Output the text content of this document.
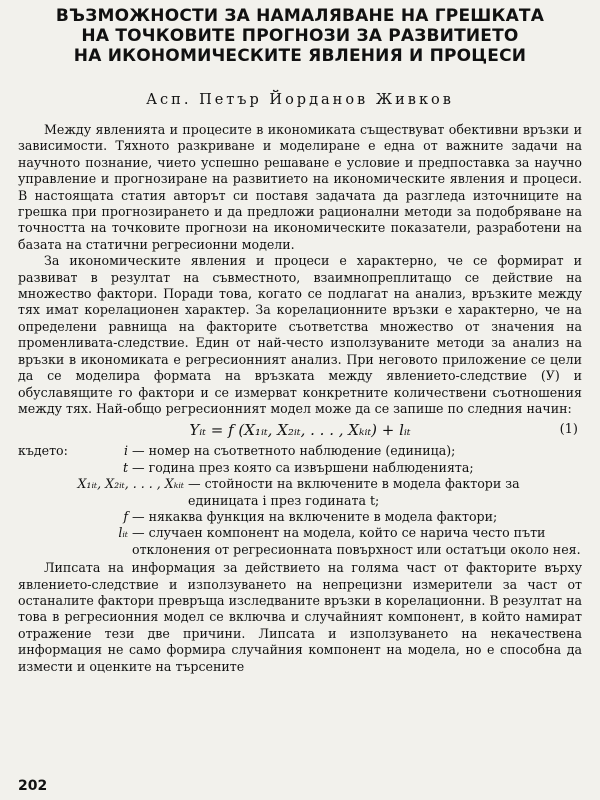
ВЪЗМОЖНОСТИ ЗА НАМАЛЯВАНЕ НА ГРЕШКАТА
НА ТОЧКОВИТЕ ПРОГНОЗИ ЗА РАЗВИТИЕТО
НА ИКОНОМИЧЕСКИТЕ ЯВЛЕНИЯ И ПРОЦЕСИ
Асп. Петър Йорданов Живков

Между явленията и процесите в икономиката съществуват обективни връзки и зависимости. Тяхното разкриване и моделиране е една от важните задачи на научното познание, чието успешно решаване е условие и предпоставка за научно управление и прогнозиране на развитието на икономическите явления и процеси. В настоящата статия авторът си поставя задачата да разгледа източниците на грешка при прогнозирането и да предложи рационални методи за подобряване на точността на точковите прогнози на икономическите показатели, разработени на базата на статични регресионни модели.

За икономическите явления и процеси е характерно, че се формират и развиват в резултат на съвместното, взаимнопреплитащо се действие на множество фактори. Поради това, когато се подлагат на анализ, връзките между тях имат корелационен характер. За корелационните връзки е характерно, че на определени равнища на факторите съответства множество от значения на променливата-следствие. Един от най-често използуваните методи за анализ на връзки в икономиката е регресионният анализ. При неговото приложение се цели да се моделира формата на връзката между явлението-следствие (У) и обуславящите го фактори и се измерват конкретните количествени съотношения между тях. Най-общо регресионният модел може да се запише по следния начин:

Yᵢₜ = f (X₁ᵢₜ, X₂ᵢₜ, . . . , Xₖᵢₜ) + lᵢₜ	(1)
където:	i — номер на съответното наблюдение (единица);
t — година през която са извършени наблюденията;
X₁ᵢₜ, X₂ᵢₜ, . . . , Xₖᵢₜ — стойности на включените в модела фактори за единицата i през годината t;
f — някаква функция на включените в модела фактори;
lᵢₜ — случаен компонент на модела, който се нарича често пъти отклонения от регресионната повърхност или остатъци около нея.

Липсата на информация за действието на голяма част от факторите върху явлението-следствие и използуването на непрецизни измерители за част от останалите фактори превръща изследваните връзки в корелационни. В резултат на това в регресионния модел се включва и случайният компонент, в който намират отражение тези две причини. Липсата и използуването на некачествена информация не само формира случайния компонент на модела, но е способна да измести и оценките на търсените

202
